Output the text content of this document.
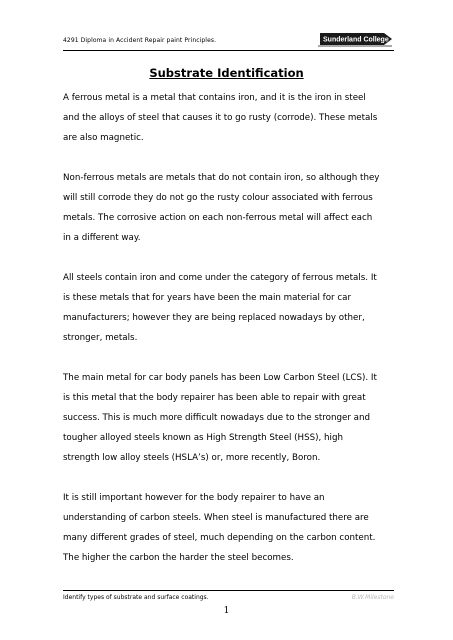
4291 Diploma in Accident Repair paint Principles.	Sunderland College
Substrate Identification
A ferrous metal is a metal that contains iron, and it is the iron in steel
and the alloys of steel that causes it to go rusty (corrode). These metals
are also magnetic.
Non-ferrous metals are metals that do not contain iron, so although they
will still corrode they do not go the rusty colour associated with ferrous
metals. The corrosive action on each non-ferrous metal will affect each
in a different way.
All steels contain iron and come under the category of ferrous metals. It
is these metals that for years have been the main material for car
manufacturers; however they are being replaced nowadays by other,
stronger, metals.
The main metal for car body panels has been Low Carbon Steel (LCS). It
is this metal that the body repairer has been able to repair with great
success. This is much more difficult nowadays due to the stronger and
tougher alloyed steels known as High Strength Steel (HSS), high
strength low alloy steels (HSLA’s) or, more recently, Boron.
It is still important however for the body repairer to have an
understanding of carbon steels. When steel is manufactured there are
many different grades of steel, much depending on the carbon content.
The higher the carbon the harder the steel becomes.
Identify types of substrate and surface coatings.	B.W.Milestone
1
